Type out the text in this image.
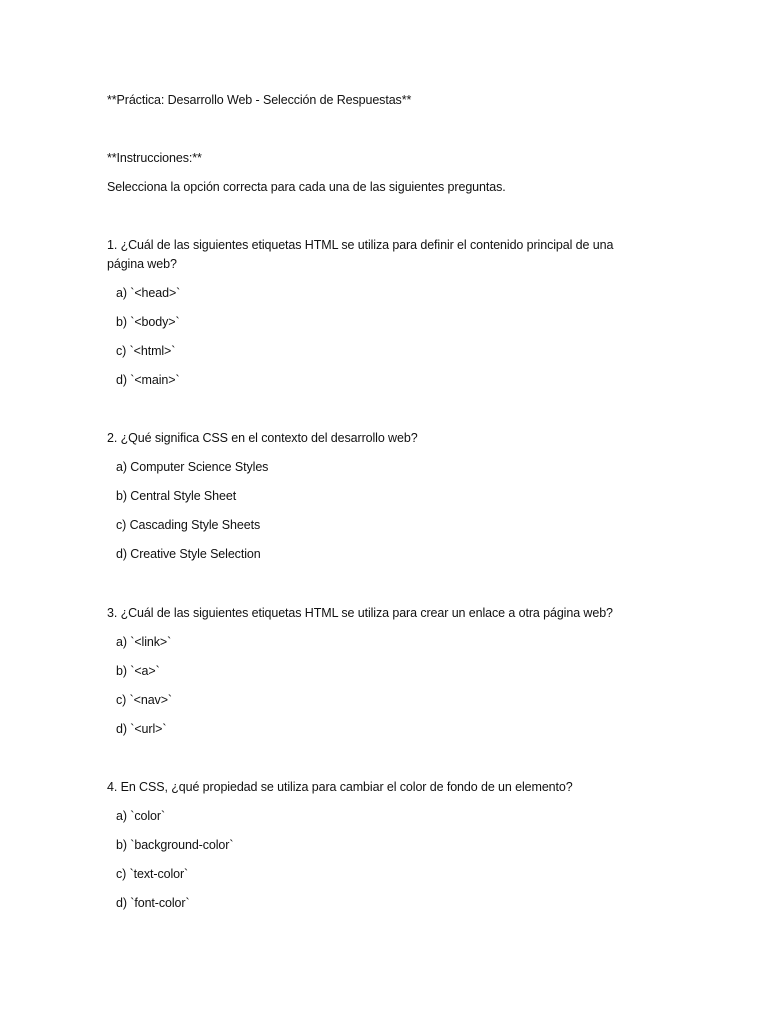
**Práctica: Desarrollo Web - Selección de Respuestas**
**Instrucciones:**
Selecciona la opción correcta para cada una de las siguientes preguntas.
1. ¿Cuál de las siguientes etiquetas HTML se utiliza para definir el contenido principal de una página web?
a) `<head>`
b) `<body>`
c) `<html>`
d) `<main>`
2. ¿Qué significa CSS en el contexto del desarrollo web?
a) Computer Science Styles
b) Central Style Sheet
c) Cascading Style Sheets
d) Creative Style Selection
3. ¿Cuál de las siguientes etiquetas HTML se utiliza para crear un enlace a otra página web?
a) `<link>`
b) `<a>`
c) `<nav>`
d) `<url>`
4. En CSS, ¿qué propiedad se utiliza para cambiar el color de fondo de un elemento?
a) `color`
b) `background-color`
c) `text-color`
d) `font-color`
